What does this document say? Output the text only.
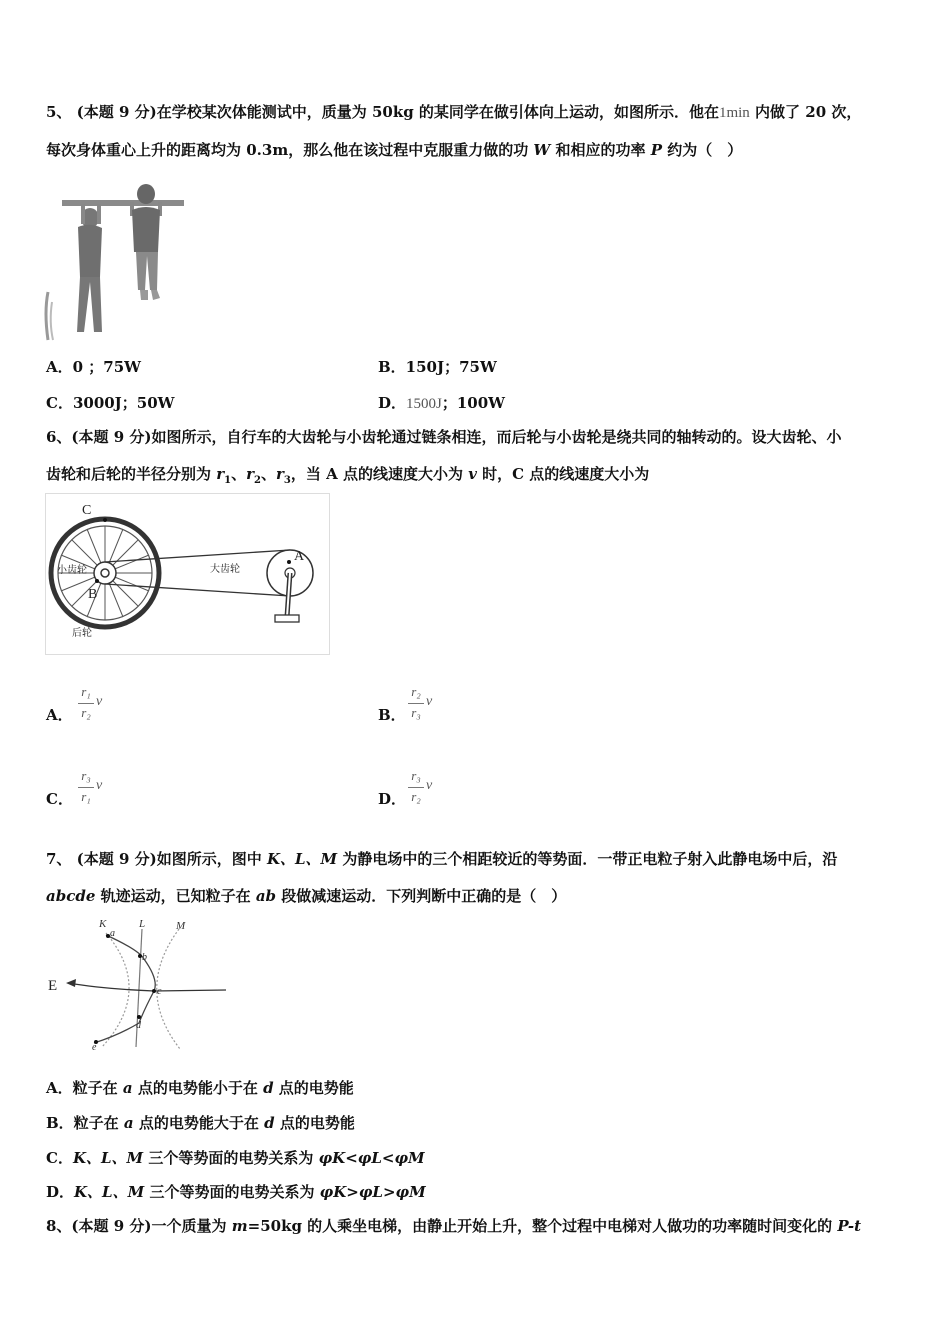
5、 (本题 9 分)在学校某次体能测试中，质量为 50kg 的某同学在做引体向上运动，如图所示．他在1min 内做了 20 次，
每次身体重心上升的距离均为 0.3m，那么他在该过程中克服重力做的功 W 和相应的功率 P 约为（　）
A．0 ；75W	B．150J；75W
C．3000J；50W	D．1500J；100W
6、(本题 9 分)如图所示，自行车的大齿轮与小齿轮通过链条相连，而后轮与小齿轮是绕共同的轴转动的。设大齿轮、小
齿轮和后轮的半径分别为 $r_1$、$r_2$、$r_3$，当 A 点的线速度大小为 v 时，C 点的线速度大小为
C
A
B
小齿轮	大齿轮
后轮
A．
r₁
r₂
v
B．
r₂
r₃
v
C．
r₃
r₁
v
D．
r₃
r₂
v
7、 (本题 9 分)如图所示，图中 K、L、M 为静电场中的三个相距较近的等势面．一带正电粒子射入此静电场中后，沿
abcde 轨迹运动，已知粒子在 ab 段做减速运动．下列判断中正确的是（　）
K	L	M
E
a
b
c
d
e
A．粒子在 a 点的电势能小于在 d 点的电势能
B．粒子在 a 点的电势能大于在 d 点的电势能
C．K、L、M 三个等势面的电势关系为 φK<φL<φM
D．K、L、M 三个等势面的电势关系为 φK>φL>φM
8、(本题 9 分)一个质量为 m=50kg 的人乘坐电梯，由静止开始上升，整个过程中电梯对人做功的功率随时间变化的 P-t
